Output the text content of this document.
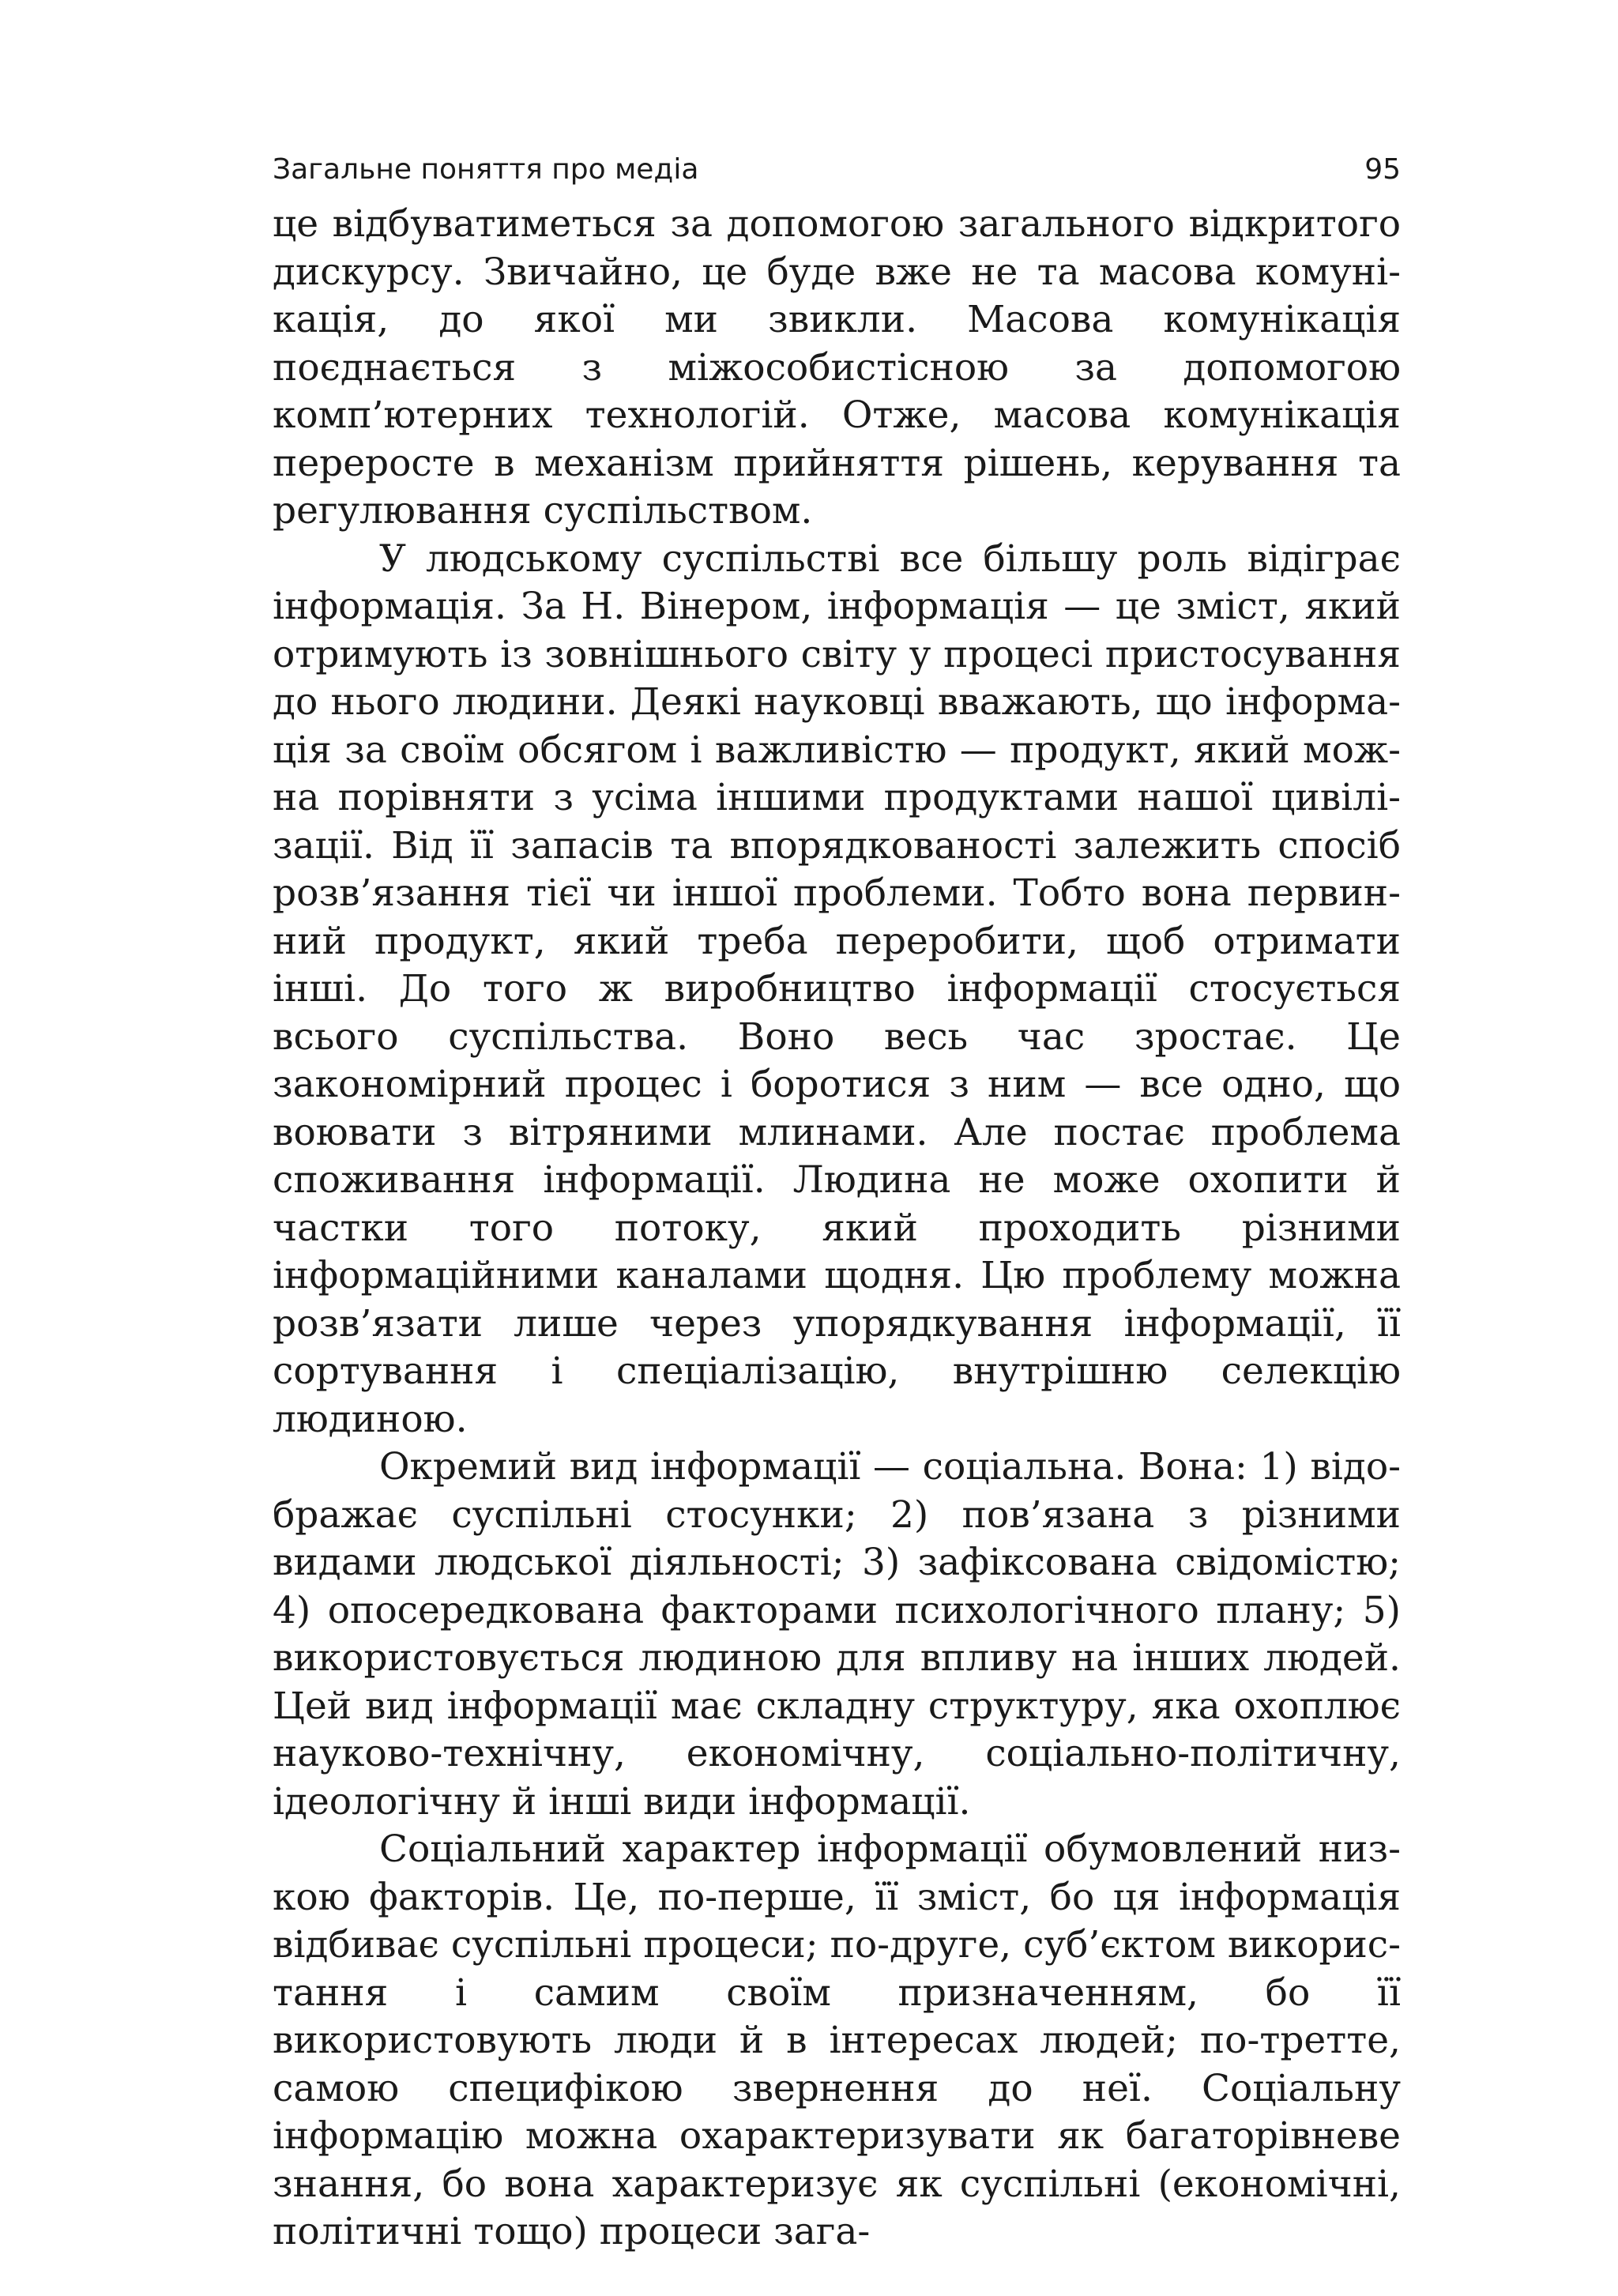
Загальне поняття про медіа	95

це відбуватиметься за допомогою загального відкритого дискурсу. Звичайно, це буде вже не та масова комунікація, до якої ми звикли. Масова комунікація поєднається з міжособистісною за допомогою комп’ютерних технологій. Отже, масова комунікація переросте в механізм прийняття рішень, керування та регулювання суспільством.

У людському суспільстві все більшу роль відіграє інформація. За Н. Вінером, інформація — це зміст, який отримують із зовнішнього світу у процесі пристосування до нього людини. Деякі науковці вважають, що інформація за своїм обсягом і важливістю — продукт, який можна порівняти з усіма іншими продуктами нашої цивілізації. Від її запасів та впорядкованості залежить спосіб розв’язання тієї чи іншої проблеми. Тобто вона первинний продукт, який треба переробити, щоб отримати інші. До того ж виробництво інформації стосується всього суспільства. Воно весь час зростає. Це закономірний процес і боротися з ним — все одно, що воювати з вітряними млинами. Але постає проблема споживання інформації. Людина не може охопити й частки того потоку, який проходить різними інформаційними каналами щодня. Цю проблему можна розв’язати лише через упорядкування інформації, її сортування і спеціалізацію, внутрішню селекцію людиною.

Окремий вид інформації — соціальна. Вона: 1) відображає суспільні стосунки; 2) пов’язана з різними видами людської діяльності; 3) зафіксована свідомістю; 4) опосередкована факторами психологічного плану; 5) використовується людиною для впливу на інших людей. Цей вид інформації має складну структуру, яка охоплює науково-технічну, економічну, соціально-політичну, ідеологічну й інші види інформації.

Соціальний характер інформації обумовлений низкою факторів. Це, по-перше, її зміст, бо ця інформація відбиває суспільні процеси; по-друге, суб’єктом використання і самим своїм призначенням, бо її використовують люди й в інтересах людей; по-третте, самою специфікою звернення до неї. Соціальну інформацію можна охарактеризувати як багаторівневе знання, бо вона характеризує як суспільні (економічні, політичні тощо) процеси зага-
